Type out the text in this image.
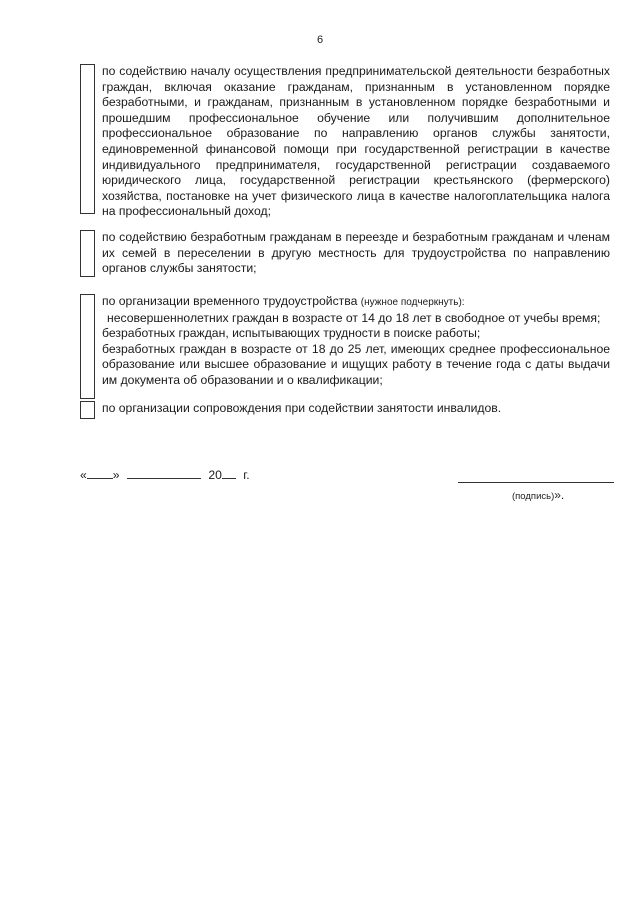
6

по содействию началу осуществления предпринимательской деятельности безработных граждан, включая оказание гражданам, признанным в установленном порядке безработными, и гражданам, признанным в установленном порядке безработными и прошедшим профессиональное обучение или получившим дополнительное профессиональное образование по направлению органов службы занятости, единовременной финансовой помощи при государственной регистрации в качестве индивидуального предпринимателя, государственной регистрации создаваемого юридического лица, государственной регистрации крестьянского (фермерского) хозяйства, постановке на учет физического лица в качестве налогоплательщика налога на профессиональный доход;

по содействию безработным гражданам в переезде и безработным гражданам и членам их семей в переселении в другую местность для трудоустройства по направлению органов службы занятости;

по организации временного трудоустройства (нужное подчеркнуть):

несовершеннолетних граждан в возрасте от 14 до 18 лет в свободное от учебы время;

безработных граждан, испытывающих трудности в поиске работы;

безработных граждан в возрасте от 18 до 25 лет, имеющих среднее профессиональное образование или высшее образование и ищущих работу в течение года с даты выдачи им документа об образовании и о квалификации;

по организации сопровождения при содействии занятости инвалидов.

« »	20 г.
(подпись)».
